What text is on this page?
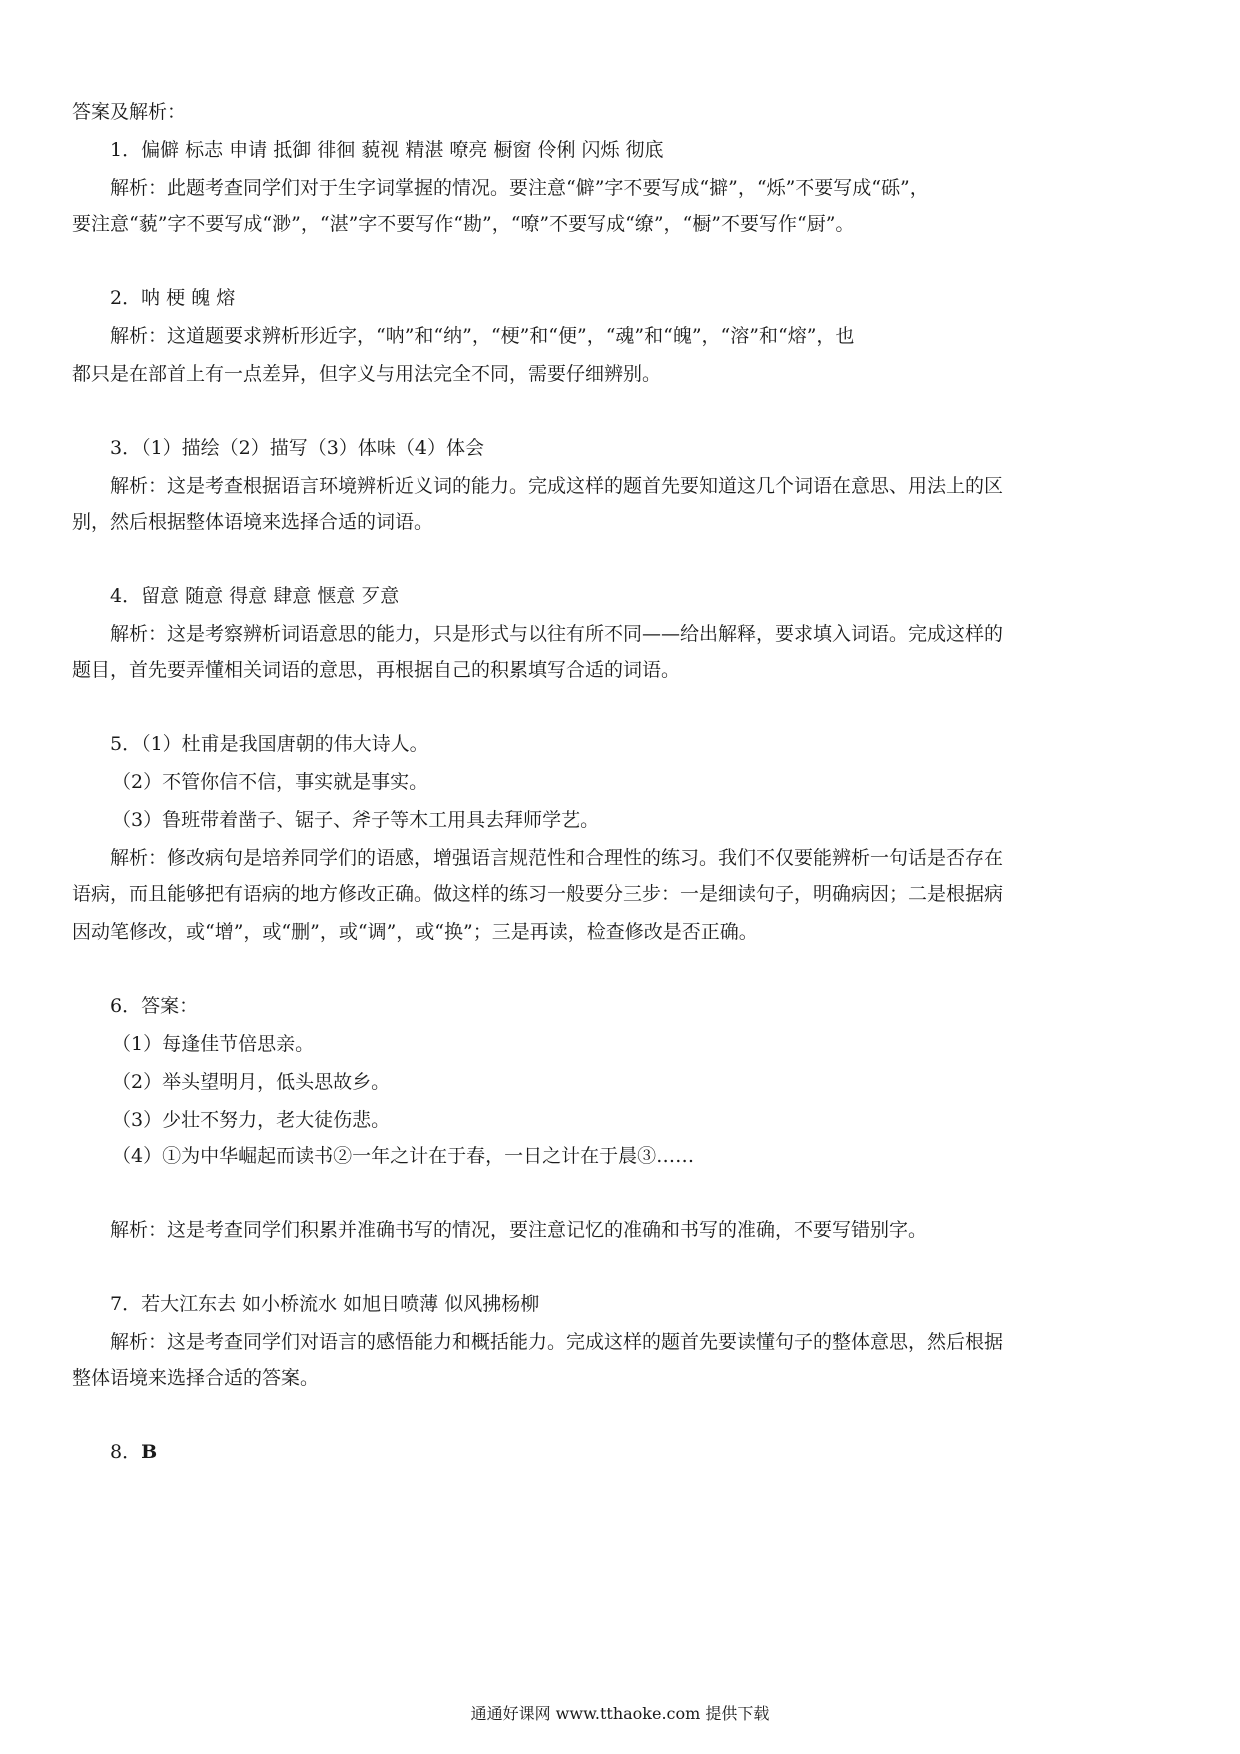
答案及解析：
1．偏僻 标志 申请 抵御 徘徊 藐视 精湛 嘹亮 橱窗 伶俐 闪烁 彻底
解析：此题考查同学们对于生字词掌握的情况。要注意“僻”字不要写成“擗”，“烁”不要写成“砾”，
要注意“藐”字不要写成“渺”，“湛”字不要写作“勘”，“嘹”不要写成“缭”，“橱”不要写作“厨”。
2．呐 梗 魄 熔
解析：这道题要求辨析形近字，“呐”和“纳”，“梗”和“便”，“魂”和“魄”，“溶”和“熔”，也
都只是在部首上有一点差异，但字义与用法完全不同，需要仔细辨别。
3．（1）描绘（2）描写（3）体味（4）体会
解析：这是考查根据语言环境辨析近义词的能力。完成这样的题首先要知道这几个词语在意思、用法上的区
别，然后根据整体语境来选择合适的词语。
4．留意 随意 得意 肆意 惬意 歹意
解析：这是考察辨析词语意思的能力，只是形式与以往有所不同——给出解释，要求填入词语。完成这样的
题目，首先要弄懂相关词语的意思，再根据自己的积累填写合适的词语。
5．（1）杜甫是我国唐朝的伟大诗人。
（2）不管你信不信，事实就是事实。
（3）鲁班带着凿子、锯子、斧子等木工用具去拜师学艺。
解析：修改病句是培养同学们的语感，增强语言规范性和合理性的练习。我们不仅要能辨析一句话是否存在
语病，而且能够把有语病的地方修改正确。做这样的练习一般要分三步：一是细读句子，明确病因；二是根据病
因动笔修改，或“增”，或“删”，或“调”，或“换”；三是再读，检查修改是否正确。
6．答案：
（1）每逢佳节倍思亲。
（2）举头望明月，低头思故乡。
（3）少壮不努力，老大徒伤悲。
（4）①为中华崛起而读书②一年之计在于春，一日之计在于晨③……
解析：这是考查同学们积累并准确书写的情况，要注意记忆的准确和书写的准确，不要写错别字。
7．若大江东去 如小桥流水 如旭日喷薄 似风拂杨柳
解析：这是考查同学们对语言的感悟能力和概括能力。完成这样的题首先要读懂句子的整体意思，然后根据
整体语境来选择合适的答案。
8．B
通通好课网 www.tthaoke.com 提供下载
